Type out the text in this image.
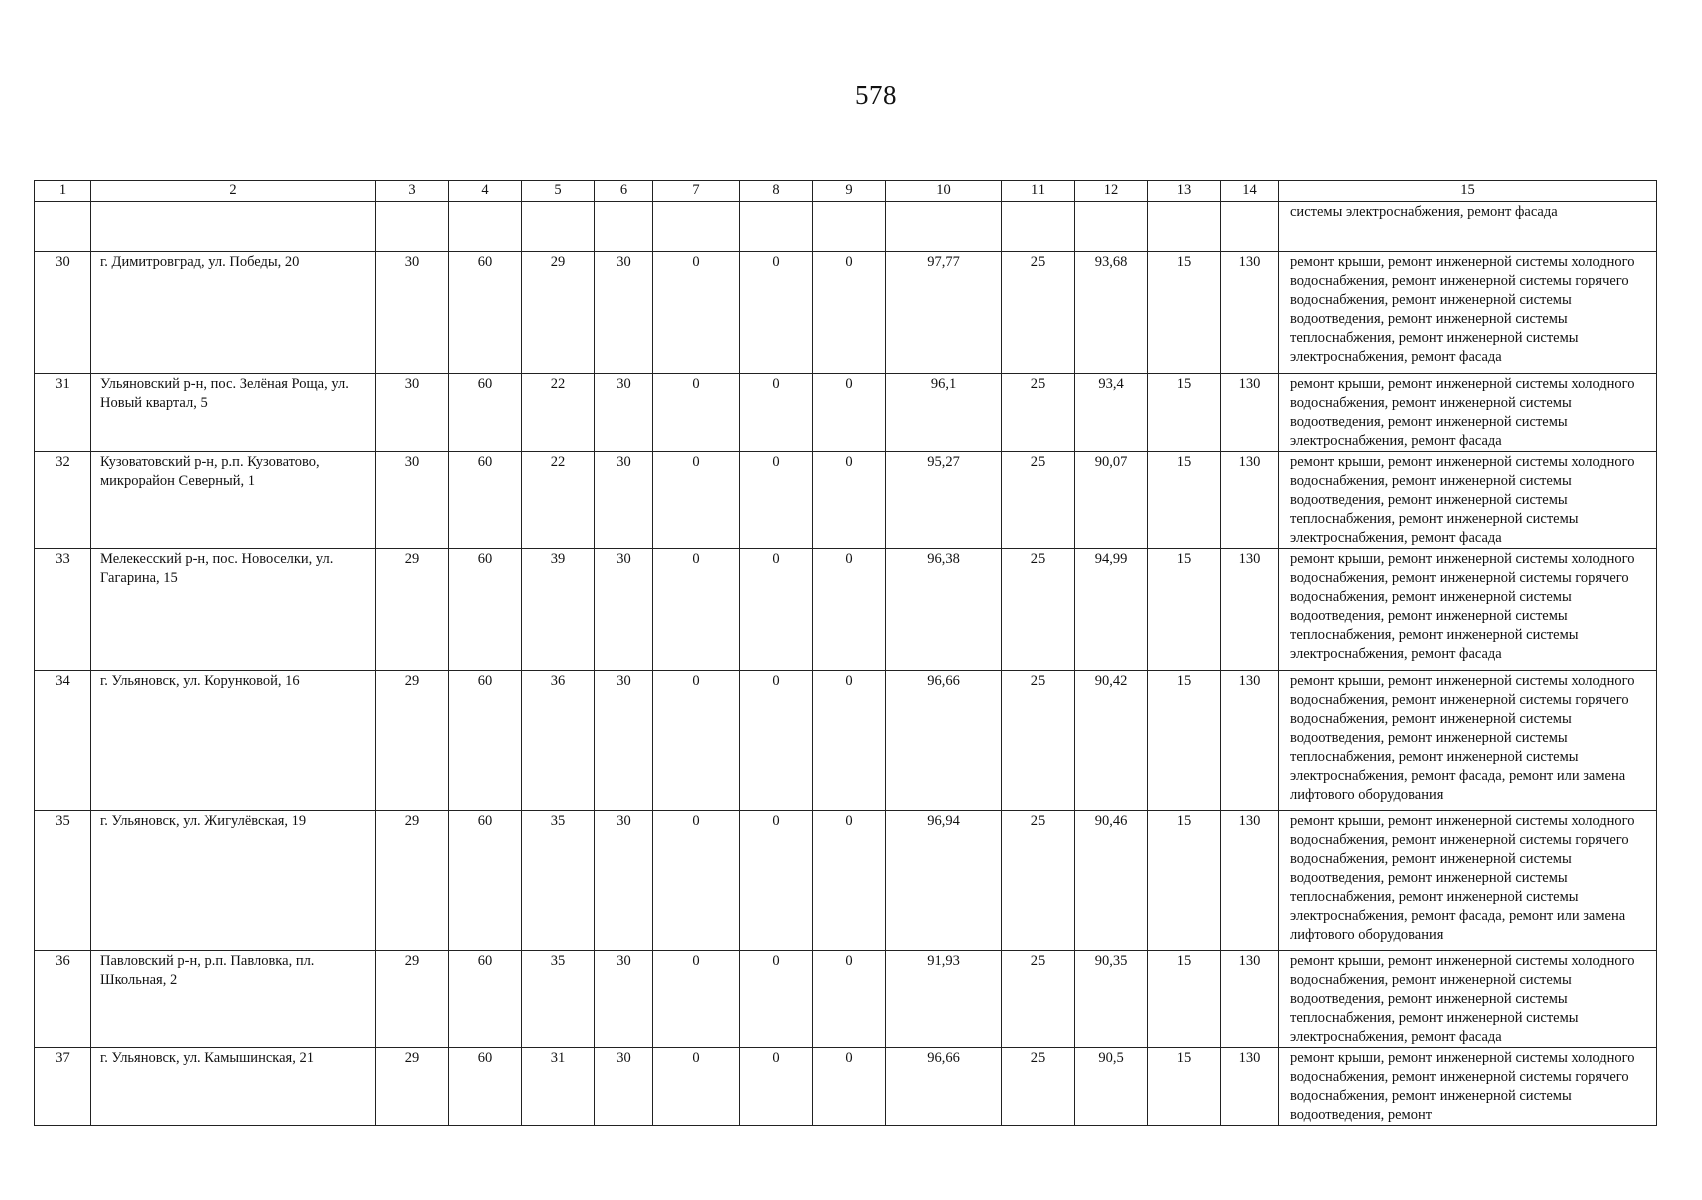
578
1	2	3	4	5	6	7	8	9	10	11	12	13	14	15
														системы электроснабжения, ремонт фасада
30	г. Димитровград, ул. Победы, 20	30	60	29	30	0	0	0	97,77	25	93,68	15	130	ремонт крыши, ремонт инженерной системы холодного водоснабжения, ремонт инженерной системы горячего водоснабжения, ремонт инженерной системы водоотведения, ремонт инженерной системы теплоснабжения, ремонт инженерной системы электроснабжения, ремонт фасада
31	Ульяновский р-н, пос. Зелёная Роща, ул. Новый квартал, 5	30	60	22	30	0	0	0	96,1	25	93,4	15	130	ремонт крыши, ремонт инженерной системы холодного водоснабжения, ремонт инженерной системы водоотведения, ремонт инженерной системы электроснабжения, ремонт фасада
32	Кузоватовский р-н, р.п. Кузоватово, микрорайон Северный, 1	30	60	22	30	0	0	0	95,27	25	90,07	15	130	ремонт крыши, ремонт инженерной системы холодного водоснабжения, ремонт инженерной системы водоотведения, ремонт инженерной системы теплоснабжения, ремонт инженерной системы электроснабжения, ремонт фасада
33	Мелекесский р-н, пос. Новоселки, ул. Гагарина, 15	29	60	39	30	0	0	0	96,38	25	94,99	15	130	ремонт крыши, ремонт инженерной системы холодного водоснабжения, ремонт инженерной системы горячего водоснабжения, ремонт инженерной системы водоотведения, ремонт инженерной системы теплоснабжения, ремонт инженерной системы электроснабжения, ремонт фасада
34	г. Ульяновск, ул. Корунковой, 16	29	60	36	30	0	0	0	96,66	25	90,42	15	130	ремонт крыши, ремонт инженерной системы холодного водоснабжения, ремонт инженерной системы горячего водоснабжения, ремонт инженерной системы водоотведения, ремонт инженерной системы теплоснабжения, ремонт инженерной системы электроснабжения, ремонт фасада, ремонт или замена лифтового оборудования
35	г. Ульяновск, ул. Жигулёвская, 19	29	60	35	30	0	0	0	96,94	25	90,46	15	130	ремонт крыши, ремонт инженерной системы холодного водоснабжения, ремонт инженерной системы горячего водоснабжения, ремонт инженерной системы водоотведения, ремонт инженерной системы теплоснабжения, ремонт инженерной системы электроснабжения, ремонт фасада, ремонт или замена лифтового оборудования
36	Павловский р-н, р.п. Павловка, пл. Школьная, 2	29	60	35	30	0	0	0	91,93	25	90,35	15	130	ремонт крыши, ремонт инженерной системы холодного водоснабжения, ремонт инженерной системы водоотведения, ремонт инженерной системы теплоснабжения, ремонт инженерной системы электроснабжения, ремонт фасада
37	г. Ульяновск, ул. Камышинская, 21	29	60	31	30	0	0	0	96,66	25	90,5	15	130	ремонт крыши, ремонт инженерной системы холодного водоснабжения, ремонт инженерной системы горячего водоснабжения, ремонт инженерной системы водоотведения, ремонт
